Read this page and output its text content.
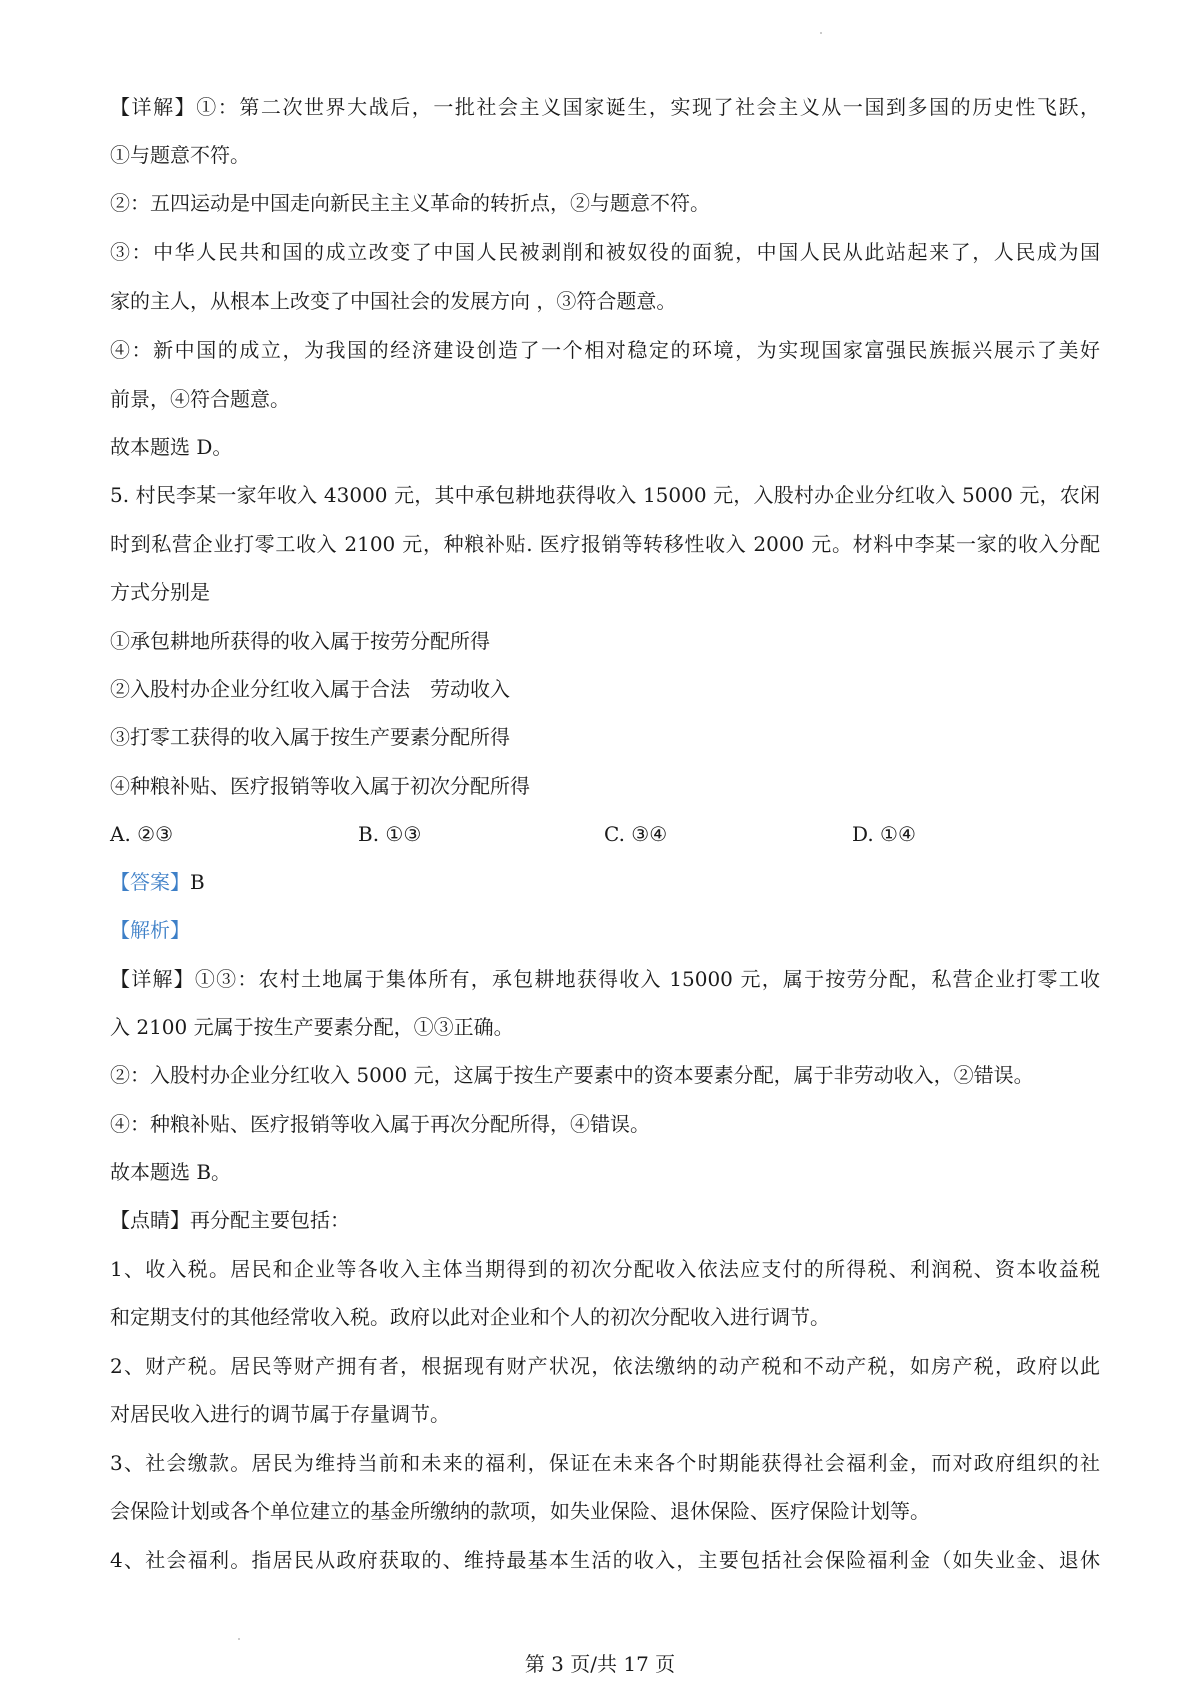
【详解】①：第二次世界大战后，一批社会主义国家诞生，实现了社会主义从一国到多国的历史性飞跃，
①与题意不符。
②：五四运动是中国走向新民主主义革命的转折点，②与题意不符。
③：中华人民共和国的成立改变了中国人民被剥削和被奴役的面貌，中国人民从此站起来了，人民成为国
家的主人，从根本上改变了中国社会的发展方向 ，③符合题意。
④：新中国的成立，为我国的经济建设创造了一个相对稳定的环境，为实现国家富强民族振兴展示了美好
前景，④符合题意。
故本题选 D。
5. 村民李某一家年收入 43000 元，其中承包耕地获得收入 15000 元，入股村办企业分红收入 5000 元，农闲
时到私营企业打零工收入 2100 元，种粮补贴. 医疗报销等转移性收入 2000 元。材料中李某一家的收入分配
方式分别是
①承包耕地所获得的收入属于按劳分配所得
②入股村办企业分红收入属于合法　劳动收入
③打零工获得的收入属于按生产要素分配所得
④种粮补贴、医疗报销等收入属于初次分配所得
A. ②③	B. ①③	C. ③④	D. ①④
【答案】B
【解析】
【详解】①③：农村土地属于集体所有，承包耕地获得收入 15000 元，属于按劳分配，私营企业打零工收
入 2100 元属于按生产要素分配，①③正确。
②：入股村办企业分红收入 5000 元，这属于按生产要素中的资本要素分配，属于非劳动收入，②错误。
④：种粮补贴、医疗报销等收入属于再次分配所得，④错误。
故本题选 B。
【点睛】再分配主要包括：
1、收入税。居民和企业等各收入主体当期得到的初次分配收入依法应支付的所得税、利润税、资本收益税
和定期支付的其他经常收入税。政府以此对企业和个人的初次分配收入进行调节。
2、财产税。居民等财产拥有者，根据现有财产状况，依法缴纳的动产税和不动产税，如房产税，政府以此
对居民收入进行的调节属于存量调节。
3、社会缴款。居民为维持当前和未来的福利，保证在未来各个时期能获得社会福利金，而对政府组织的社
会保险计划或各个单位建立的基金所缴纳的款项，如失业保险、退休保险、医疗保险计划等。
4、社会福利。指居民从政府获取的、维持最基本生活的收入，主要包括社会保险福利金（如失业金、退休
第 3 页/共 17 页
